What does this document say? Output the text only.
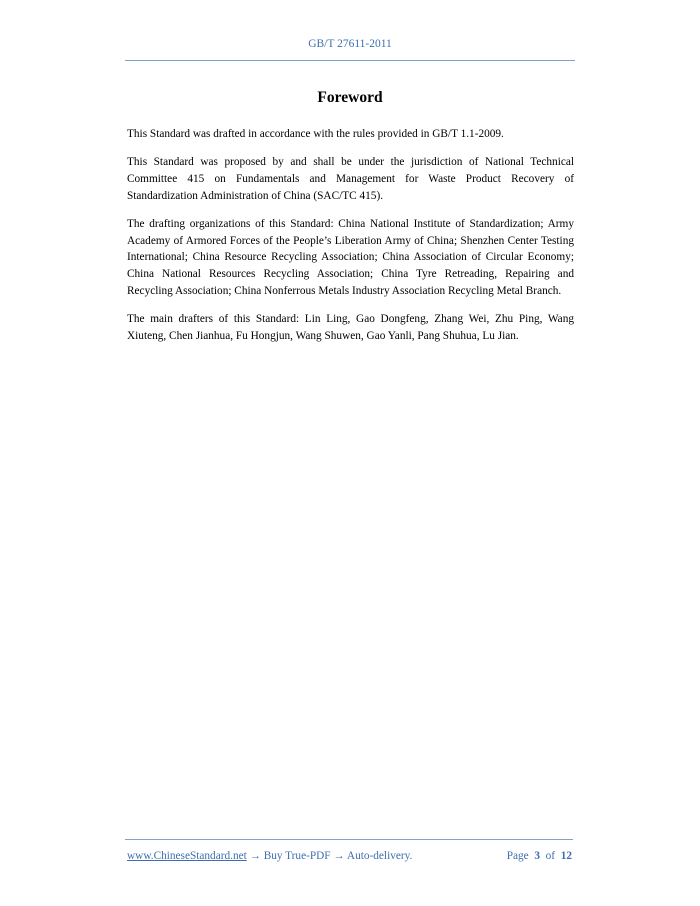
GB/T 27611-2011
Foreword

This Standard was drafted in accordance with the rules provided in GB/T 1.1-2009.

This Standard was proposed by and shall be under the jurisdiction of National Technical Committee 415 on Fundamentals and Management for Waste Product Recovery of Standardization Administration of China (SAC/TC 415).

The drafting organizations of this Standard: China National Institute of Standardization; Army Academy of Armored Forces of the People’s Liberation Army of China; Shenzhen Center Testing International; China Resource Recycling Association; China Association of Circular Economy; China National Resources Recycling Association; China Tyre Retreading, Repairing and Recycling Association; China Nonferrous Metals Industry Association Recycling Metal Branch.

The main drafters of this Standard: Lin Ling, Gao Dongfeng, Zhang Wei, Zhu Ping, Wang Xiuteng, Chen Jianhua, Fu Hongjun, Wang Shuwen, Gao Yanli, Pang Shuhua, Lu Jian.

www.ChineseStandard.net → Buy True-PDF → Auto-delivery.	Page 3 of 12
